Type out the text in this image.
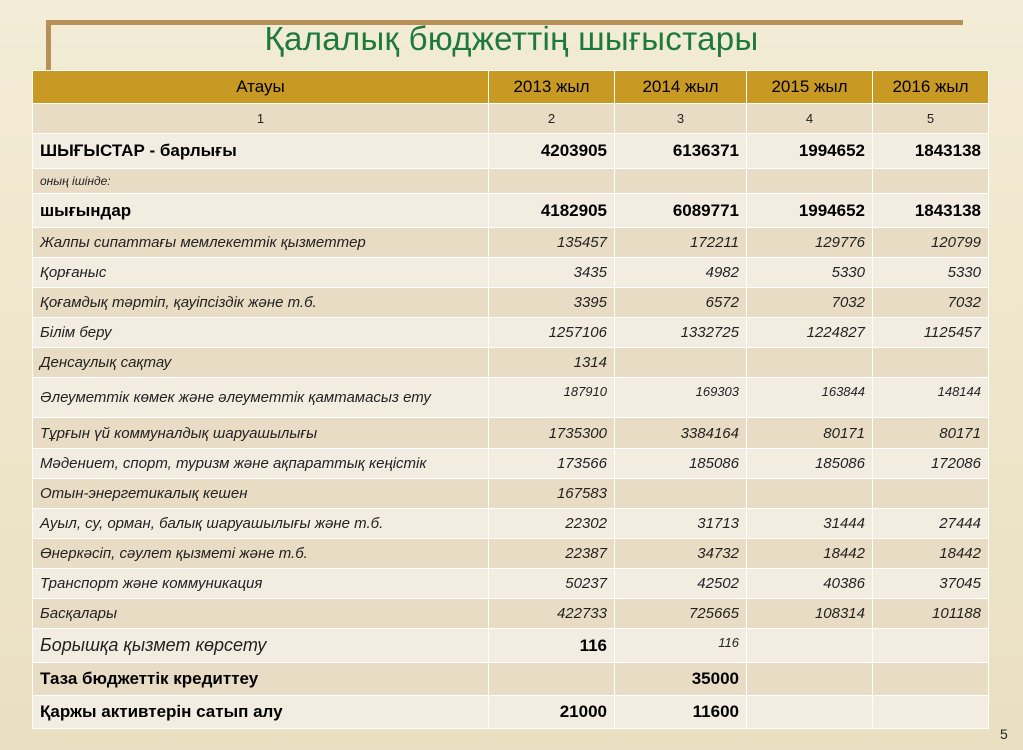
Қалалық бюджеттің шығыстары
Атауы	2013 жыл	2014 жыл	2015 жыл	2016 жыл
1	2	3	4	5
ШЫҒЫСТАР - барлығы	4203905	6136371	1994652	1843138
оның ішінде:				
шығындар	4182905	6089771	1994652	1843138
Жалпы сипаттағы мемлекеттік қызметтер	135457	172211	129776	120799
Қорғаныс	3435	4982	5330	5330
Қоғамдық тәртіп, қауіпсіздік және т.б.	3395	6572	7032	7032
Білім беру	1257106	1332725	1224827	1125457
Денсаулық сақтау	1314			
Әлеуметтік көмек және әлеуметтік қамтамасыз ету	187910	169303	163844	148144
Тұрғын үй коммуналдық шаруашылығы	1735300	3384164	80171	80171
Мәдениет, спорт, туризм және ақпараттық кеңістік	173566	185086	185086	172086
Отын-энергетикалық кешен	167583			
Ауыл, су, орман, балық шаруашылығы және т.б.	22302	31713	31444	27444
Өнеркәсіп, сәулет қызметі және т.б.	22387	34732	18442	18442
Транспорт және коммуникация	50237	42502	40386	37045
Басқалары	422733	725665	108314	101188
Борышқа қызмет көрсету	116	116		
Таза бюджеттік кредиттеу		35000		
Қаржы активтерін сатып алу	21000	11600		
5
